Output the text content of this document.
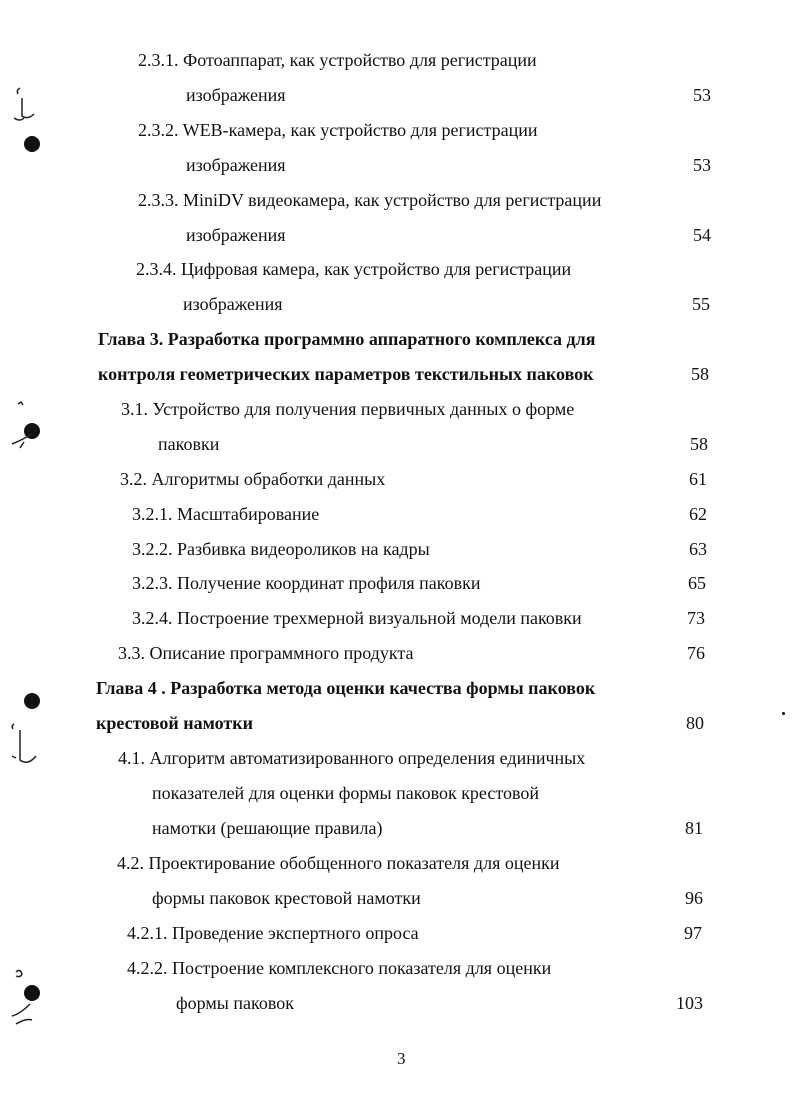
2.3.1. Фотоаппарат, как устройство для регистрации
изображения	53
2.3.2. WEB-камера, как устройство для регистрации
изображения	53
2.3.3. MiniDV видеокамера, как устройство для регистрации
изображения	54
2.3.4. Цифровая камера, как устройство для регистрации
изображения	55
Глава 3. Разработка программно аппаратного комплекса для
контроля геометрических параметров текстильных паковок	58
3.1. Устройство для получения первичных данных о форме
паковки	58
3.2. Алгоритмы обработки данных	61
3.2.1. Масштабирование	62
3.2.2. Разбивка видеороликов на кадры	63
3.2.3. Получение координат профиля паковки	65
3.2.4. Построение трехмерной визуальной модели паковки	73
3.3. Описание программного продукта	76
Глава 4 . Разработка метода оценки качества формы паковок
крестовой намотки	80
4.1. Алгоритм автоматизированного определения единичных
показателей для оценки формы паковок крестовой
намотки (решающие правила)	81
4.2. Проектирование обобщенного показателя для оценки
формы паковок крестовой намотки	96
4.2.1. Проведение экспертного опроса	97
4.2.2. Построение комплексного показателя для оценки
формы паковок	103
3
